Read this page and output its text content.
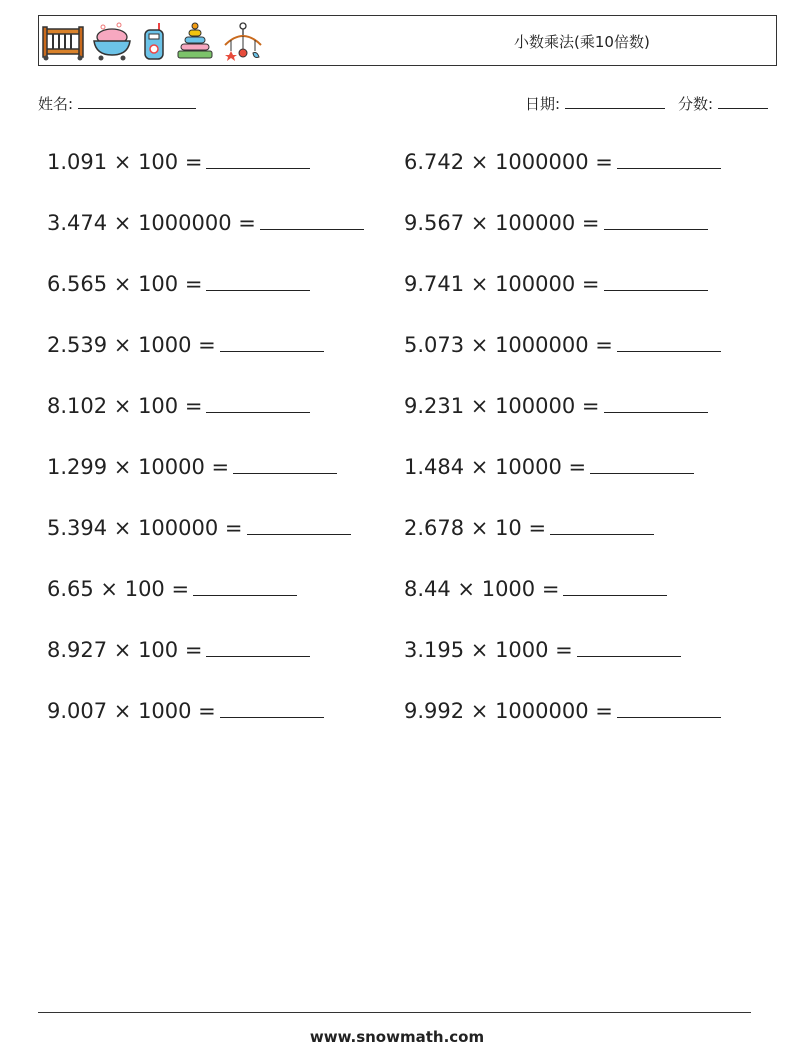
小数乘法(乘10倍数)
姓名:	日期:	分数:
1.091 × 100 =
3.474 × 1000000 =
6.565 × 100 =
2.539 × 1000 =
8.102 × 100 =
1.299 × 10000 =
5.394 × 100000 =
6.65 × 100 =
8.927 × 100 =
9.007 × 1000 =
6.742 × 1000000 =
9.567 × 100000 =
9.741 × 100000 =
5.073 × 1000000 =
9.231 × 100000 =
1.484 × 10000 =
2.678 × 10 =
8.44 × 1000 =
3.195 × 1000 =
9.992 × 1000000 =
www.snowmath.com
